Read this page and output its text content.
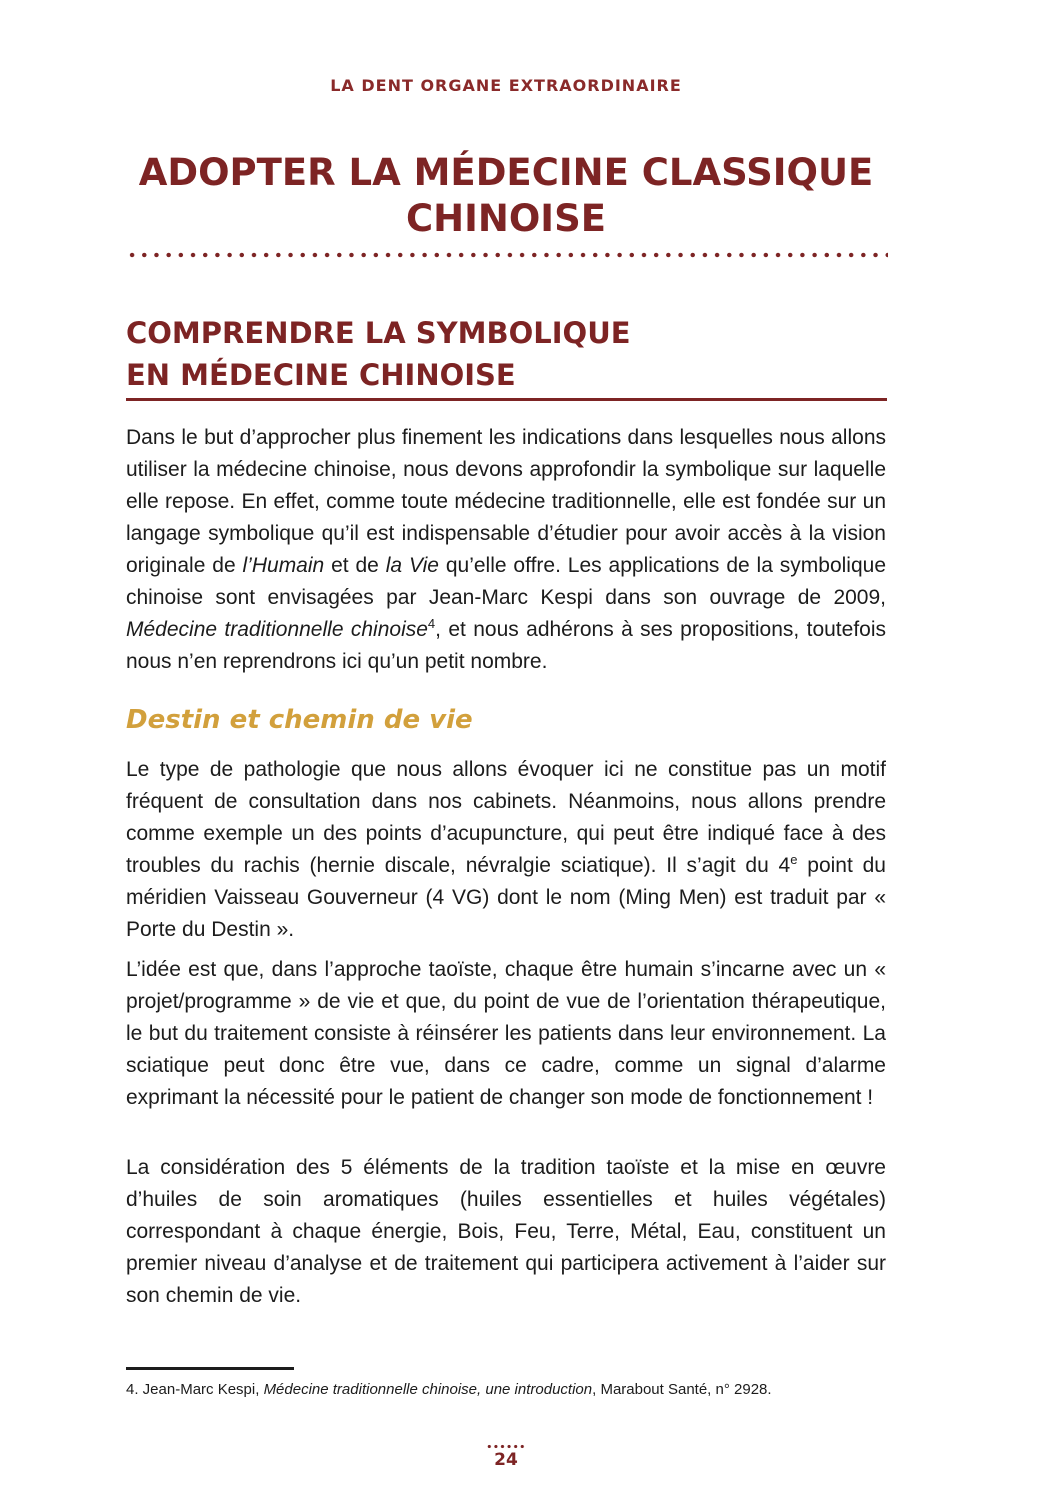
LA DENT ORGANE EXTRAORDINAIRE
ADOPTER LA MÉDECINE CLASSIQUE CHINOISE
COMPRENDRE LA SYMBOLIQUE
EN MÉDECINE CHINOISE

Dans le but d’approcher plus finement les indications dans lesquelles nous allons utiliser la médecine chinoise, nous devons approfondir la symbolique sur laquelle elle repose. En effet, comme toute médecine traditionnelle, elle est fondée sur un langage symbolique qu’il est indispensable d’étudier pour avoir accès à la vision originale de l’Humain et de la Vie qu’elle offre. Les applications de la symbolique chinoise sont envisagées par Jean-Marc Kespi dans son ouvrage de 2009, Médecine traditionnelle chinoise$^4$, et nous adhérons à ses propositions, toutefois nous n’en reprendrons ici qu’un petit nombre.

Destin et chemin de vie

Le type de pathologie que nous allons évoquer ici ne constitue pas un motif fréquent de consultation dans nos cabinets. Néanmoins, nous allons prendre comme exemple un des points d’acupuncture, qui peut être indiqué face à des troubles du rachis (hernie discale, névralgie sciatique). Il s’agit du 4e point du méridien Vaisseau Gouverneur (4 VG) dont le nom (Ming Men) est traduit par « Porte du Destin ».

L’idée est que, dans l’approche taoïste, chaque être humain s’incarne avec un « projet/programme » de vie et que, du point de vue de l’orientation thérapeutique, le but du traitement consiste à réinsérer les patients dans leur environnement. La sciatique peut donc être vue, dans ce cadre, comme un signal d’alarme exprimant la nécessité pour le patient de changer son mode de fonctionnement !

La considération des 5 éléments de la tradition taoïste et la mise en œuvre d’huiles de soin aromatiques (huiles essentielles et huiles végétales) correspondant à chaque énergie, Bois, Feu, Terre, Métal, Eau, constituent un premier niveau d’analyse et de traitement qui participera activement à l’aider sur son chemin de vie.

4. Jean-Marc Kespi, Médecine traditionnelle chinoise, une introduction, Marabout Santé, n° 2928.

24
